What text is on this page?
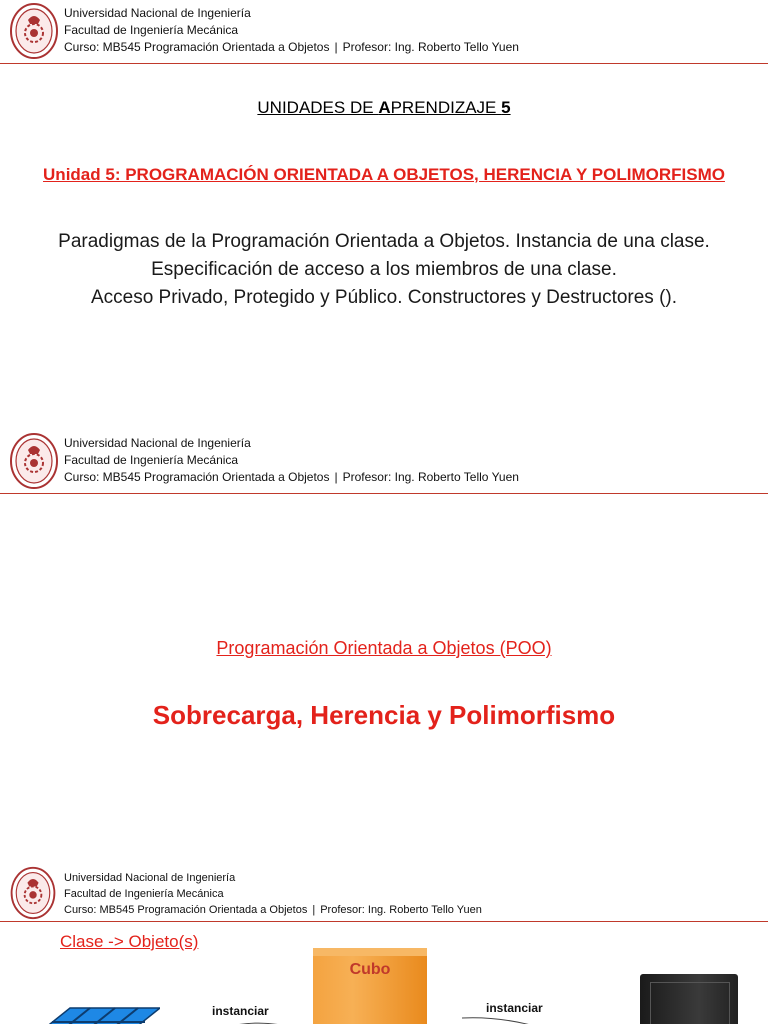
Universidad Nacional de Ingeniería
Facultad de Ingeniería Mecánica
Curso: MB545 Programación Orientada a Objetos | Profesor: Ing. Roberto Tello Yuen
UNIDADES DE APRENDIZAJE 5
Unidad 5: PROGRAMACIÓN ORIENTADA A OBJETOS, HERENCIA Y POLIMORFISMO
Paradigmas de la Programación Orientada a Objetos. Instancia de una clase.
Especificación de acceso a los miembros de una clase.
Acceso Privado, Protegido y Público. Constructores y Destructores ().
Universidad Nacional de Ingeniería
Facultad de Ingeniería Mecánica
Curso: MB545 Programación Orientada a Objetos | Profesor: Ing. Roberto Tello Yuen
Programación Orientada a Objetos (POO)
Sobrecarga, Herencia y Polimorfismo
Universidad Nacional de Ingeniería
Facultad de Ingeniería Mecánica
Curso: MB545 Programación Orientada a Objetos | Profesor: Ing. Roberto Tello Yuen
Clase -> Objeto(s)
Cubo
instanciar	instanciar
